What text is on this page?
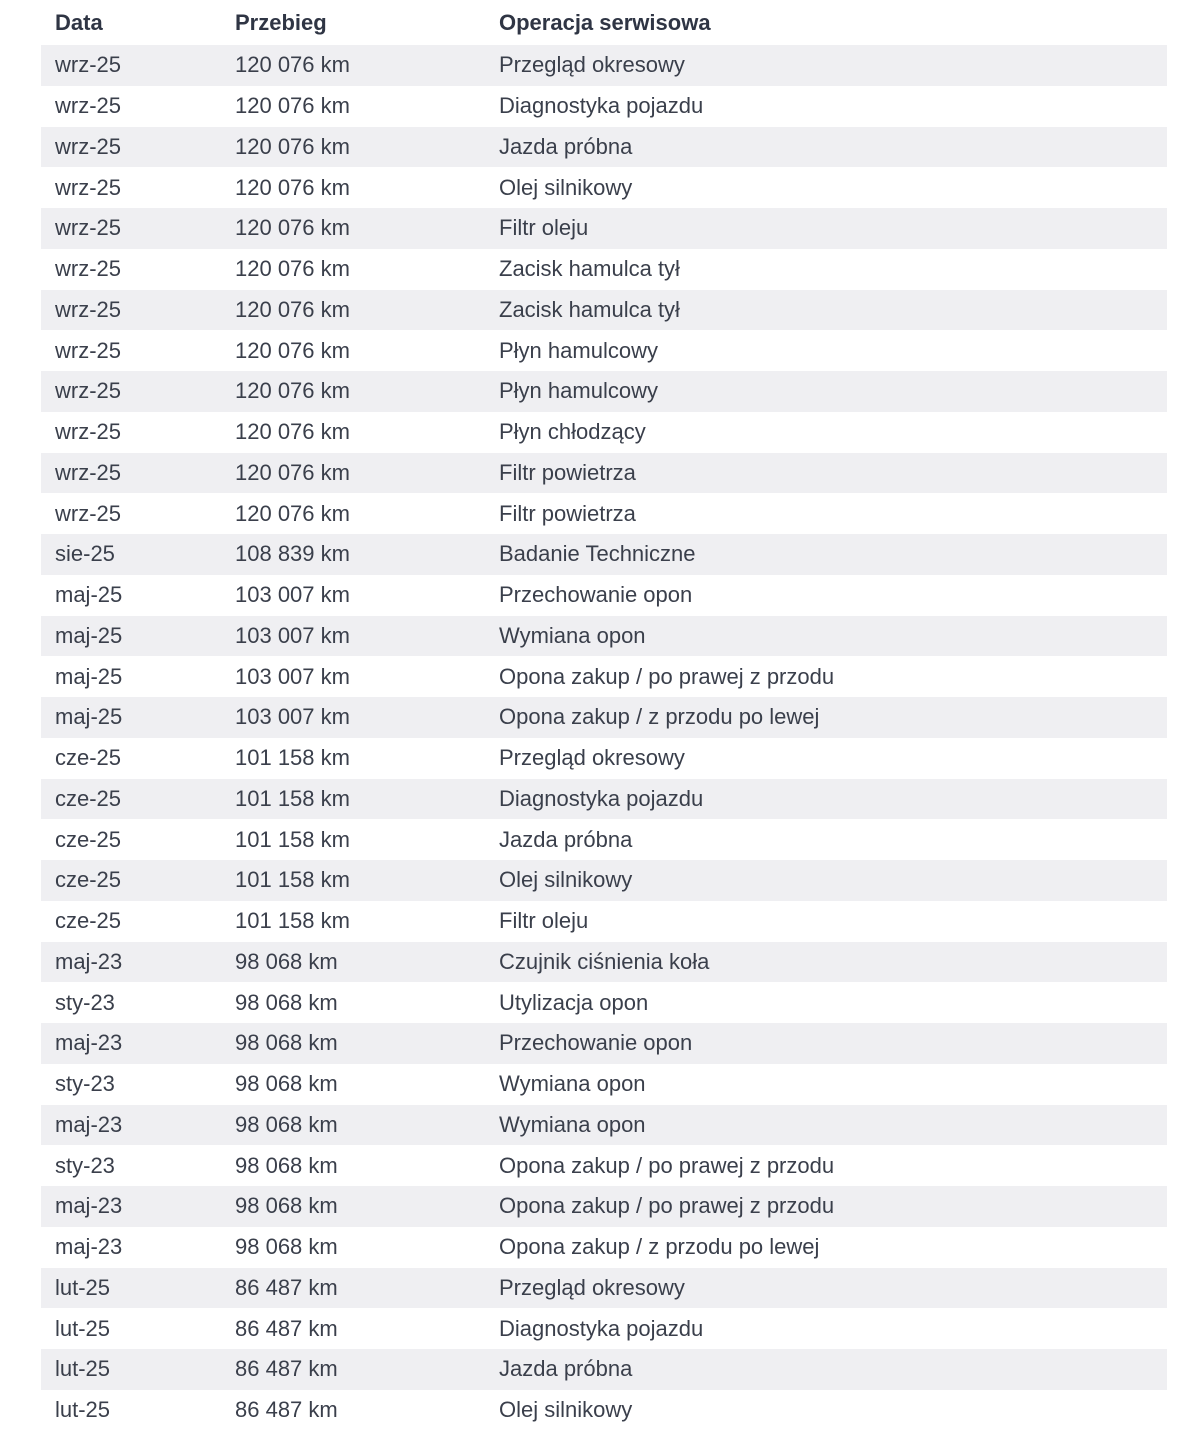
Data	Przebieg	Operacja serwisowa
wrz-25	120 076 km	Przegląd okresowy
wrz-25	120 076 km	Diagnostyka pojazdu
wrz-25	120 076 km	Jazda próbna
wrz-25	120 076 km	Olej silnikowy
wrz-25	120 076 km	Filtr oleju
wrz-25	120 076 km	Zacisk hamulca tył
wrz-25	120 076 km	Zacisk hamulca tył
wrz-25	120 076 km	Płyn hamulcowy
wrz-25	120 076 km	Płyn hamulcowy
wrz-25	120 076 km	Płyn chłodzący
wrz-25	120 076 km	Filtr powietrza
wrz-25	120 076 km	Filtr powietrza
sie-25	108 839 km	Badanie Techniczne
maj-25	103 007 km	Przechowanie opon
maj-25	103 007 km	Wymiana opon
maj-25	103 007 km	Opona zakup / po prawej z przodu
maj-25	103 007 km	Opona zakup / z przodu po lewej
cze-25	101 158 km	Przegląd okresowy
cze-25	101 158 km	Diagnostyka pojazdu
cze-25	101 158 km	Jazda próbna
cze-25	101 158 km	Olej silnikowy
cze-25	101 158 km	Filtr oleju
maj-23	98 068 km	Czujnik ciśnienia koła
sty-23	98 068 km	Utylizacja opon
maj-23	98 068 km	Przechowanie opon
sty-23	98 068 km	Wymiana opon
maj-23	98 068 km	Wymiana opon
sty-23	98 068 km	Opona zakup / po prawej z przodu
maj-23	98 068 km	Opona zakup / po prawej z przodu
maj-23	98 068 km	Opona zakup / z przodu po lewej
lut-25	86 487 km	Przegląd okresowy
lut-25	86 487 km	Diagnostyka pojazdu
lut-25	86 487 km	Jazda próbna
lut-25	86 487 km	Olej silnikowy
